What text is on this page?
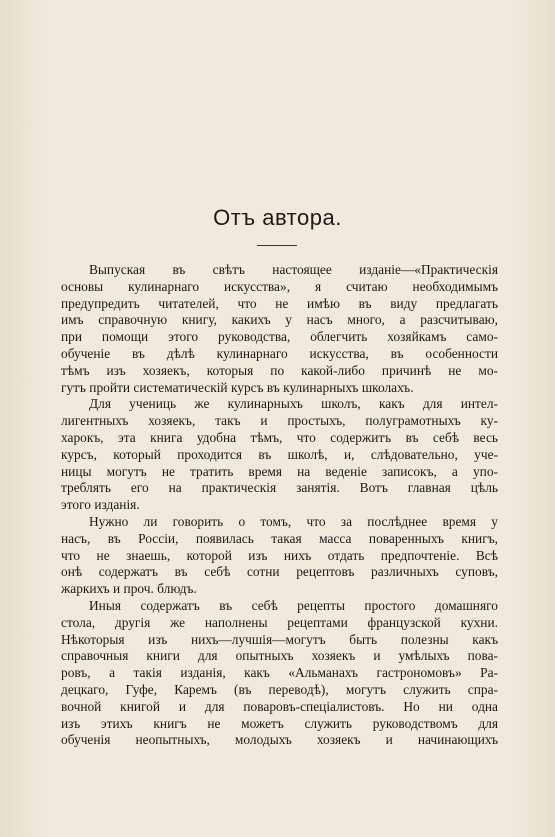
Отъ автора.
Выпуская въ свѣтъ настоящее изданіе—«Практическія
основы кулинарнаго искусства», я считаю необходимымъ
предупредить читателей, что не имѣю въ виду предлагать
имъ справочную книгу, какихъ у насъ много, а разсчитываю,
при помощи этого руководства, облегчить хозяйкамъ само-
обученіе въ дѣлѣ кулинарнаго искусства, въ особенности
тѣмъ изъ хозяекъ, которыя по какой-либо причинѣ не мо-
гутъ пройти систематическій курсъ въ кулинарныхъ школахъ.
Для учениць же кулинарныхъ школъ, какъ для интел-
лигентныхъ хозяекъ, такъ и простыхъ, полуграмотныхъ ку-
харокъ, эта книга удобна тѣмъ, что содержитъ въ себѣ весь
курсъ, который проходится въ школѣ, и, слѣдовательно, уче-
ницы могутъ не тратить время на веденіе записокъ, а упо-
треблять его на практическія занятія. Вотъ главная цѣль
этого изданія.
Нужно ли говорить о томъ, что за послѣднее время у
насъ, въ Россіи, появилась такая масса поваренныхъ книгъ,
что не знаешь, которой изъ нихъ отдать предпочтеніе. Всѣ
онѣ содержатъ въ себѣ сотни рецептовъ различныхъ суповъ,
жаркихъ и проч. блюдъ.
Иныя содержатъ въ себѣ рецепты простого домашняго
стола, другія же наполнены рецептами французской кухни.
Нѣкоторыя изъ нихъ—лучшія—могутъ быть полезны какъ
справочныя книги для опытныхъ хозяекъ и умѣлыхъ пова-
ровъ, а такія изданія, какъ «Альманахъ гастрономовъ» Ра-
децкаго, Гуфе, Каремъ (въ переводѣ), могутъ служить спра-
вочной книгой и для поваровъ-спеціалистовъ. Но ни одна
изъ этихъ книгъ не можетъ служить руководствомъ для
обученія неопытныхъ, молодыхъ хозяекъ и начинающихъ
